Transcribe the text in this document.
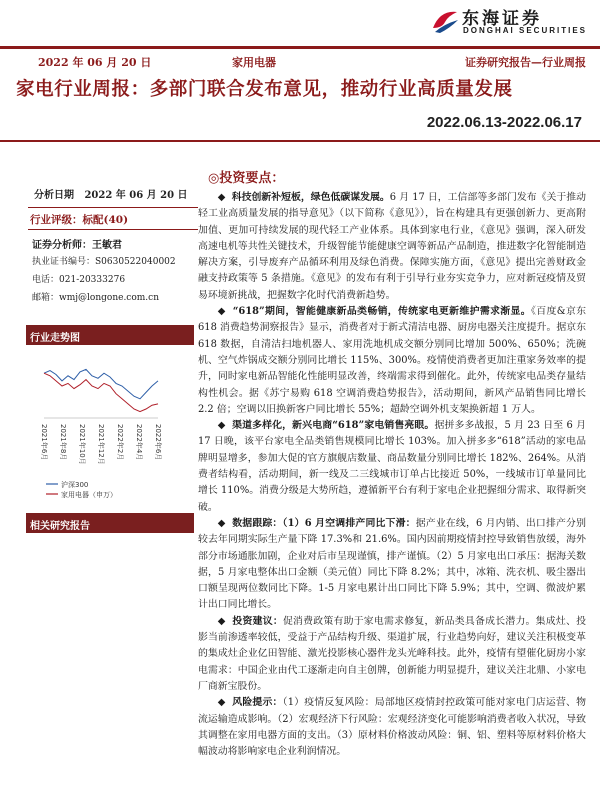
东海证券
DONGHAI SECURITIES
2022 年 06 月 20 日	家用电器	证券研究报告—行业周报
家电行业周报：多部门联合发布意见，推动行业高质量发展
2022.06.13-2022.06.17
分析日期 2022 年 06 月 20 日
行业评级：标配(40)
证券分析师：王敏君
执业证书编号：S0630522040002
电话：021-20333276
邮箱：wmj@longone.com.cn
行业走势图
2021年6月 2021年8月 2021年10月 2021年12月 2022年2月 2022年4月 2022年6月
沪深300
家用电器（申万）
相关研究报告
◎投资要点：

◆ 科技创新补短板，绿色低碳谋发展。6 月 17 日，工信部等多部门发布《关于推动轻工业高质量发展的指导意见》（以下简称《意见》），旨在构建具有更强创新力、更高附加值、更加可持续发展的现代轻工产业体系。具体到家电行业，《意见》强调，深入研发高速电机等共性关键技术，升级智能节能健康空调等新品产品制造，推进数字化智能制造解决方案，引导废弃产品循环利用及绿色消费。保障实施方面，《意见》提出完善财政金融支持政策等 5 条措施。《意见》的发布有利于引导行业夯实竞争力，应对新冠疫情及贸易环境新挑战，把握数字化时代消费新趋势。

◆ “618”期间，智能健康新品类畅销，传统家电更新维护需求渐显。《百度&京东 618 消费趋势洞察报告》显示，消费者对于新式清洁电器、厨房电器关注度提升。据京东 618 数据，自清洁扫地机器人、家用洗地机成交额分别同比增加 500%、650%；洗碗机、空气炸锅成交额分别同比增长 115%、300%。疫情使消费者更加注重家务效率的提升，同时家电新品智能化性能明显改善，终端需求得到催化。此外，传统家电品类存量结构性机会。据《苏宁易购 618 空调消费趋势报告》，活动期间，新风产品销售同比增长 2.2 倍；空调以旧换新客户同比增长 55%；超龄空调外机支架换新超 1 万人。

◆ 渠道多样化，新兴电商“618”家电销售亮眼。据拼多多战报，5 月 23 日至 6 月 17 日晚，该平台家电全品类销售规模同比增长 103%。加入拼多多“618”活动的家电品牌明显增多，参加大促的官方旗舰店数量、商品数量分别同比增长 182%、264%。从消费者结构看，活动期间，新一线及二三线城市订单占比接近 50%，一线城市订单量同比增长 110%。消费分级是大势所趋，遵循新平台有利于家电企业把握细分需求、取得新突破。

◆ 数据跟踪：（1）6 月空调排产同比下滑：据产业在线，6 月内销、出口排产分别较去年同期实际生产量下降 17.3%和 21.6%。国内因前期疫情封控导致销售放缓，海外部分市场通胀加剧，企业对后市呈现谨慎，排产谨慎。（2）5 月家电出口承压：据海关数据，5 月家电整体出口金额（美元值）同比下降 8.2%；其中，冰箱、洗衣机、吸尘器出口额呈现两位数同比下降。1-5 月家电累计出口同比下降 5.9%；其中，空调、微波炉累计出口同比增长。

◆ 投资建议：促消费政策有助于家电需求修复，新品类具备成长潜力。集成灶、投影当前渗透率较低，受益于产品结构升级、渠道扩展，行业趋势向好，建议关注积极变革的集成灶企业亿田智能、激光投影核心器件龙头光峰科技。此外，疫情有望催化厨房小家电需求：中国企业由代工逐渐走向自主创牌，创新能力明显提升，建议关注北鼎、小家电厂商新宝股份。

◆ 风险提示：（1）疫情反复风险：局部地区疫情封控政策可能对家电门店运营、物流运输造成影响。（2）宏观经济下行风险：宏观经济变化可能影响消费者收入状况，导致其调整在家用电器方面的支出。（3）原材料价格波动风险：铜、铝、塑料等原材料价格大幅波动将影响家电企业利润情况。
